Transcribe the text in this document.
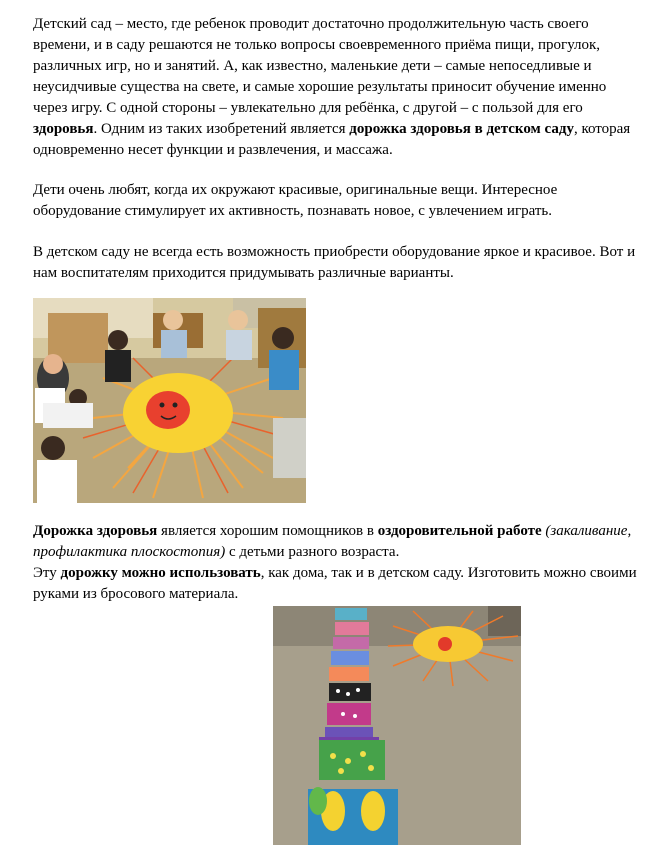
Детский сад – место, где ребенок проводит достаточно продолжительную часть своего времени, и в саду решаются не только вопросы своевременного приёма пищи, прогулок, различных игр, но и занятий. А, как известно, маленькие дети – самые непоседливые и неусидчивые существа на свете, и самые хорошие результаты приносит обучение именно через игру. С одной стороны – увлекательно для ребёнка, с другой – с пользой для его здоровья. Одним из таких изобретений является дорожка здоровья в детском саду, которая одновременно несет функции и развлечения, и массажа.

Дети очень любят, когда их окружают красивые, оригинальные вещи. Интересное оборудование стимулирует их активность, познавать новое, с увлечением играть.

В детском саду не всегда есть возможность приобрести оборудование яркое и красивое. Вот и нам воспитателям приходится придумывать различные варианты.

Дорожка здоровья является хорошим помощников в оздоровительной работе (закаливание, профилактика плоскостопия) с детьми разного возраста.
Эту дорожку можно использовать, как дома, так и в детском саду. Изготовить можно своими руками из бросового материала.
